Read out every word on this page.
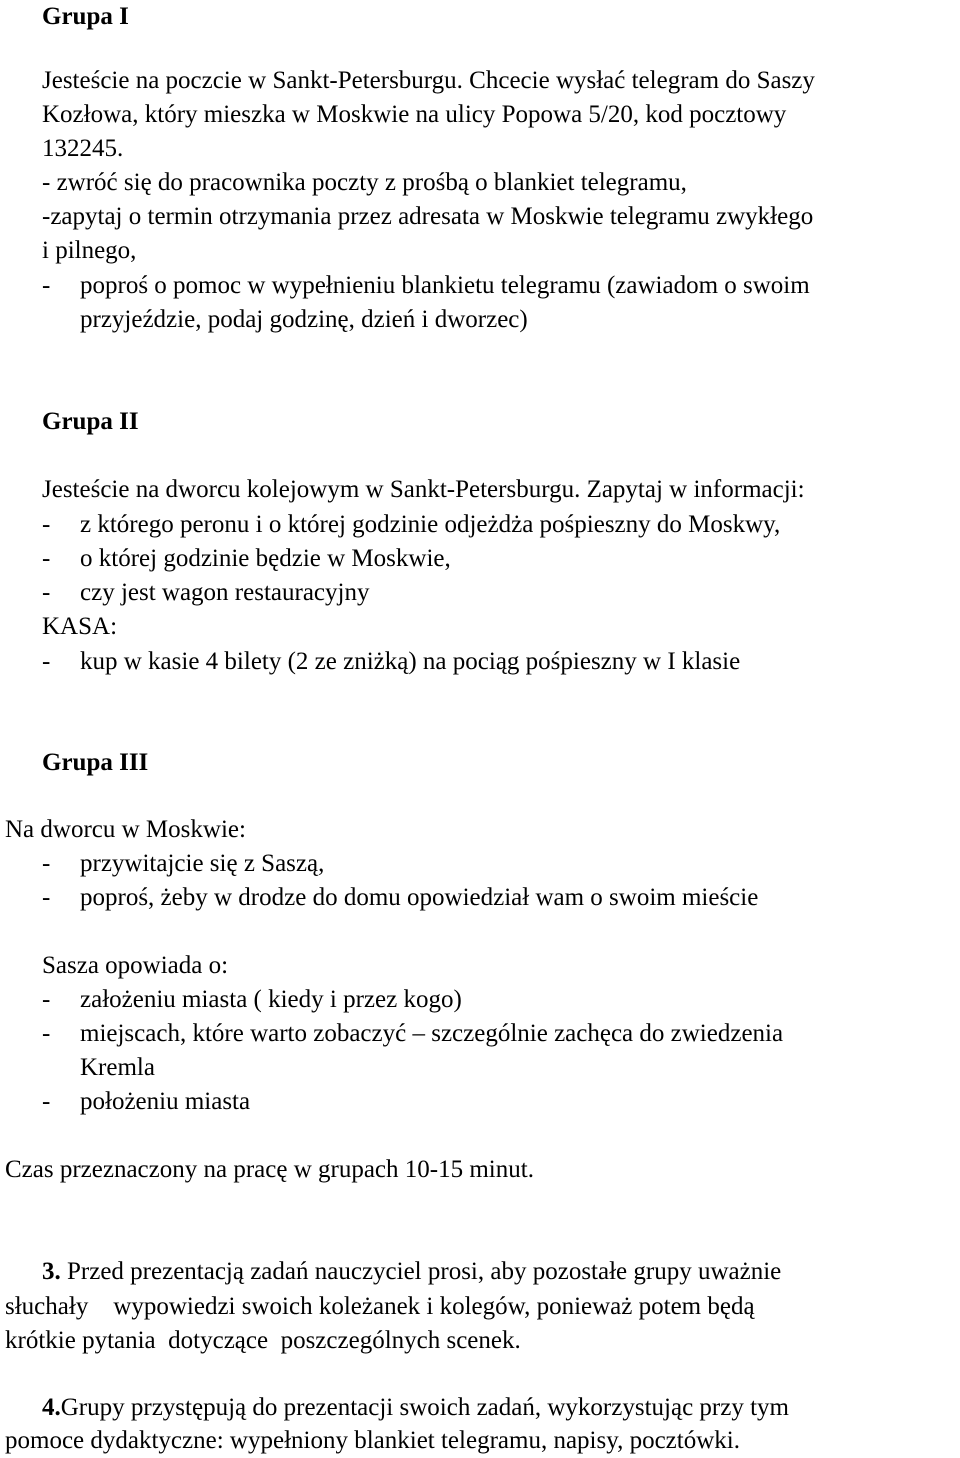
Grupa I
Jesteście na poczcie w Sankt-Petersburgu. Chcecie wysłać telegram do Saszy
Kozłowa, który mieszka w Moskwie na ulicy Popowa 5/20, kod pocztowy
132245.
- zwróć się do pracownika poczty z prośbą o blankiet telegramu,
-zapytaj o termin otrzymania przez adresata w Moskwie telegramu zwykłego
i pilnego,
- poproś o pomoc w wypełnieniu blankietu telegramu (zawiadom o swoim
przyjeździe, podaj godzinę, dzień i dworzec)
Grupa II
Jesteście na dworcu kolejowym w Sankt-Petersburgu. Zapytaj w informacji:
- z którego peronu i o której godzinie odjeżdża pośpieszny do Moskwy,
- o której godzinie będzie w Moskwie,
- czy jest wagon restauracyjny
KASA:
- kup w kasie 4 bilety (2 ze zniżką) na pociąg pośpieszny w I klasie
Grupa III
Na dworcu w Moskwie:
- przywitajcie się z Saszą,
- poproś, żeby w drodze do domu opowiedział wam o swoim mieście
Sasza opowiada o:
- założeniu miasta ( kiedy i przez kogo)
- miejscach, które warto zobaczyć – szczególnie zachęca do zwiedzenia
Kremla
- położeniu miasta
Czas przeznaczony na pracę w grupach 10-15 minut.
3. Przed prezentacją zadań nauczyciel prosi, aby pozostałe grupy uważnie
słuchały    wypowiedzi swoich koleżanek i kolegów, ponieważ potem będą
krótkie pytania  dotyczące  poszczególnych scenek.
4.Grupy przystępują do prezentacji swoich zadań, wykorzystując przy tym
pomoce dydaktyczne: wypełniony blankiet telegramu, napisy, pocztówki.
